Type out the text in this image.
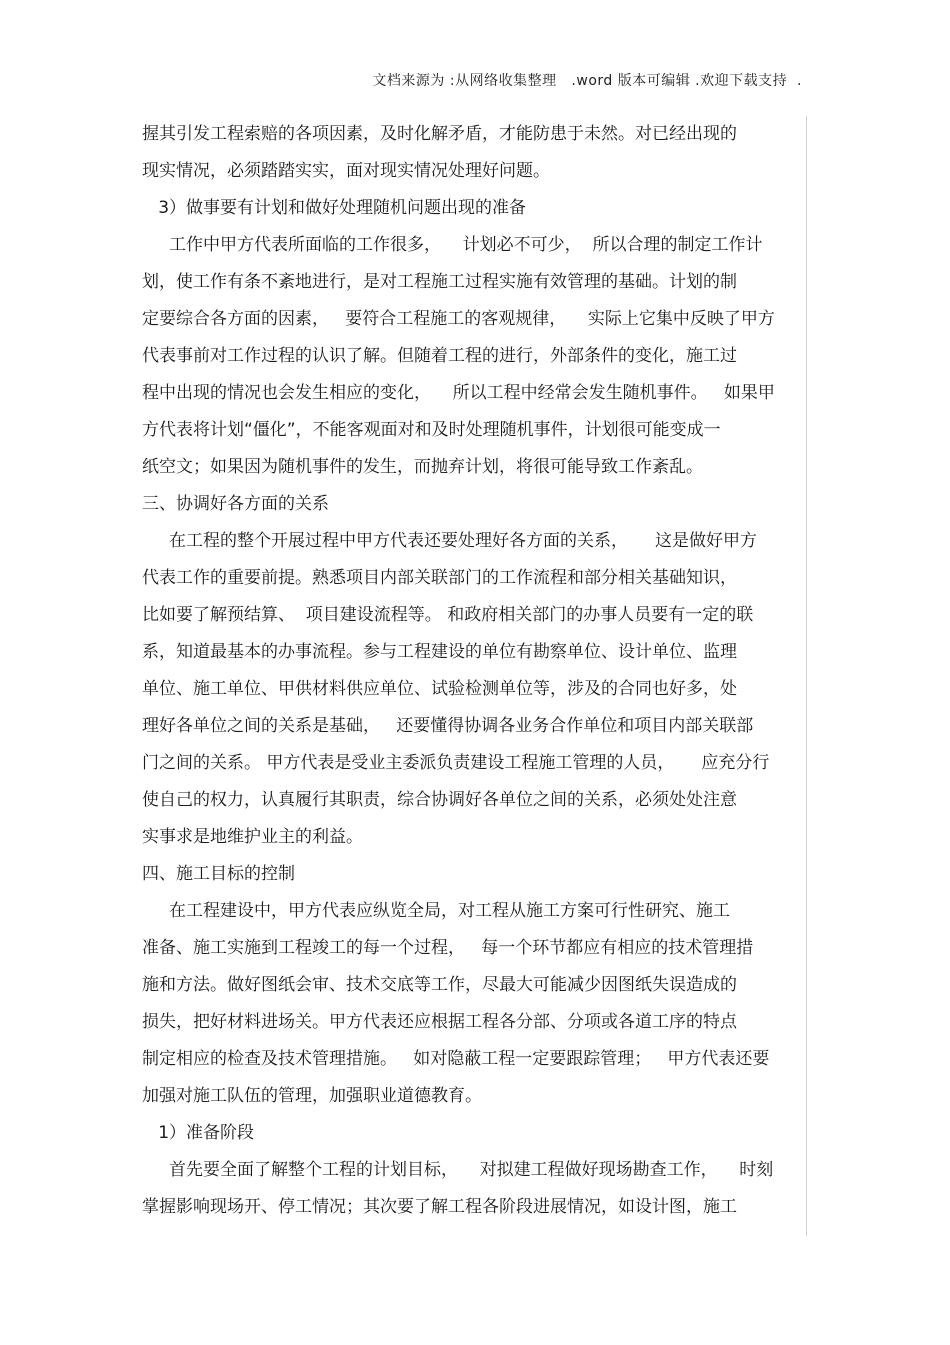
文档来源为 :从网络收集整理   .word 版本可编辑 .欢迎下载支持  .
握其引发工程索赔的各项因素，及时化解矛盾，才能防患于未然。对已经出现的
现实情况，必须踏踏实实，面对现实情况处理好问题。
3）做事要有计划和做好处理随机问题出现的准备
工作中甲方代表所面临的工作很多，    计划必不可少，  所以合理的制定工作计
划，使工作有条不紊地进行，是对工程施工过程实施有效管理的基础。计划的制
定要综合各方面的因素，   要符合工程施工的客观规律，    实际上它集中反映了甲方
代表事前对工作过程的认识了解。但随着工程的进行，外部条件的变化，施工过
程中出现的情况也会发生相应的变化，    所以工程中经常会发生随机事件。   如果甲
方代表将计划“僵化”，不能客观面对和及时处理随机事件，计划很可能变成一
纸空文；如果因为随机事件的发生，而抛弃计划，将很可能导致工作紊乱。
三、协调好各方面的关系
在工程的整个开展过程中甲方代表还要处理好各方面的关系，     这是做好甲方
代表工作的重要前提。熟悉项目内部关联部门的工作流程和部分相关基础知识，
比如要了解预结算、  项目建设流程等。 和政府相关部门的办事人员要有一定的联
系，知道最基本的办事流程。参与工程建设的单位有勘察单位、设计单位、监理
单位、施工单位、甲供材料供应单位、试验检测单位等，涉及的合同也好多，处
理好各单位之间的关系是基础，   还要懂得协调各业务合作单位和项目内部关联部
门之间的关系。 甲方代表是受业主委派负责建设工程施工管理的人员，     应充分行
使自己的权力，认真履行其职责，综合协调好各单位之间的关系，必须处处注意
实事求是地维护业主的利益。
四、施工目标的控制
在工程建设中，甲方代表应纵览全局，对工程从施工方案可行性研究、施工
准备、施工实施到工程竣工的每一个过程，   每一个环节都应有相应的技术管理措
施和方法。做好图纸会审、技术交底等工作，尽最大可能减少因图纸失误造成的
损失，把好材料进场关。甲方代表还应根据工程各分部、分项或各道工序的特点
制定相应的检查及技术管理措施。   如对隐蔽工程一定要跟踪管理；   甲方代表还要
加强对施工队伍的管理，加强职业道德教育。
1）准备阶段
首先要全面了解整个工程的计划目标，    对拟建工程做好现场勘查工作，    时刻
掌握影响现场开、停工情况；其次要了解工程各阶段进展情况，如设计图，施工
